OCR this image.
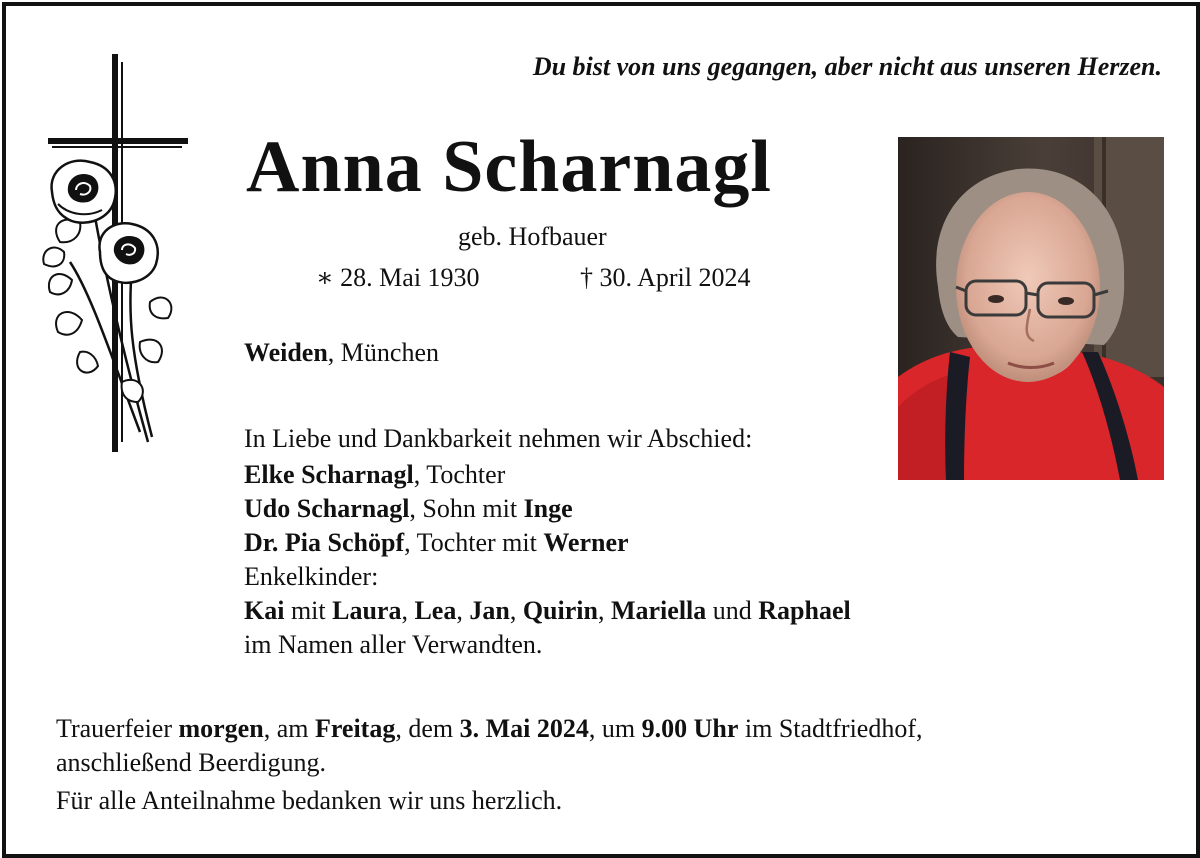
Du bist von uns gegangen, aber nicht aus unseren Herzen.
Anna Scharnagl
geb. Hofbauer
∗ 28. Mai 1930	† 30. April 2024
Weiden, München
In Liebe und Dankbarkeit nehmen wir Abschied:
Elke Scharnagl, Tochter
Udo Scharnagl, Sohn mit Inge
Dr. Pia Schöpf, Tochter mit Werner
Enkelkinder:
Kai mit Laura, Lea, Jan, Quirin, Mariella und Raphael
im Namen aller Verwandten.
Trauerfeier morgen, am Freitag, dem 3. Mai 2024, um 9.00 Uhr im Stadtfriedhof,
anschließend Beerdigung.
Für alle Anteilnahme bedanken wir uns herzlich.
